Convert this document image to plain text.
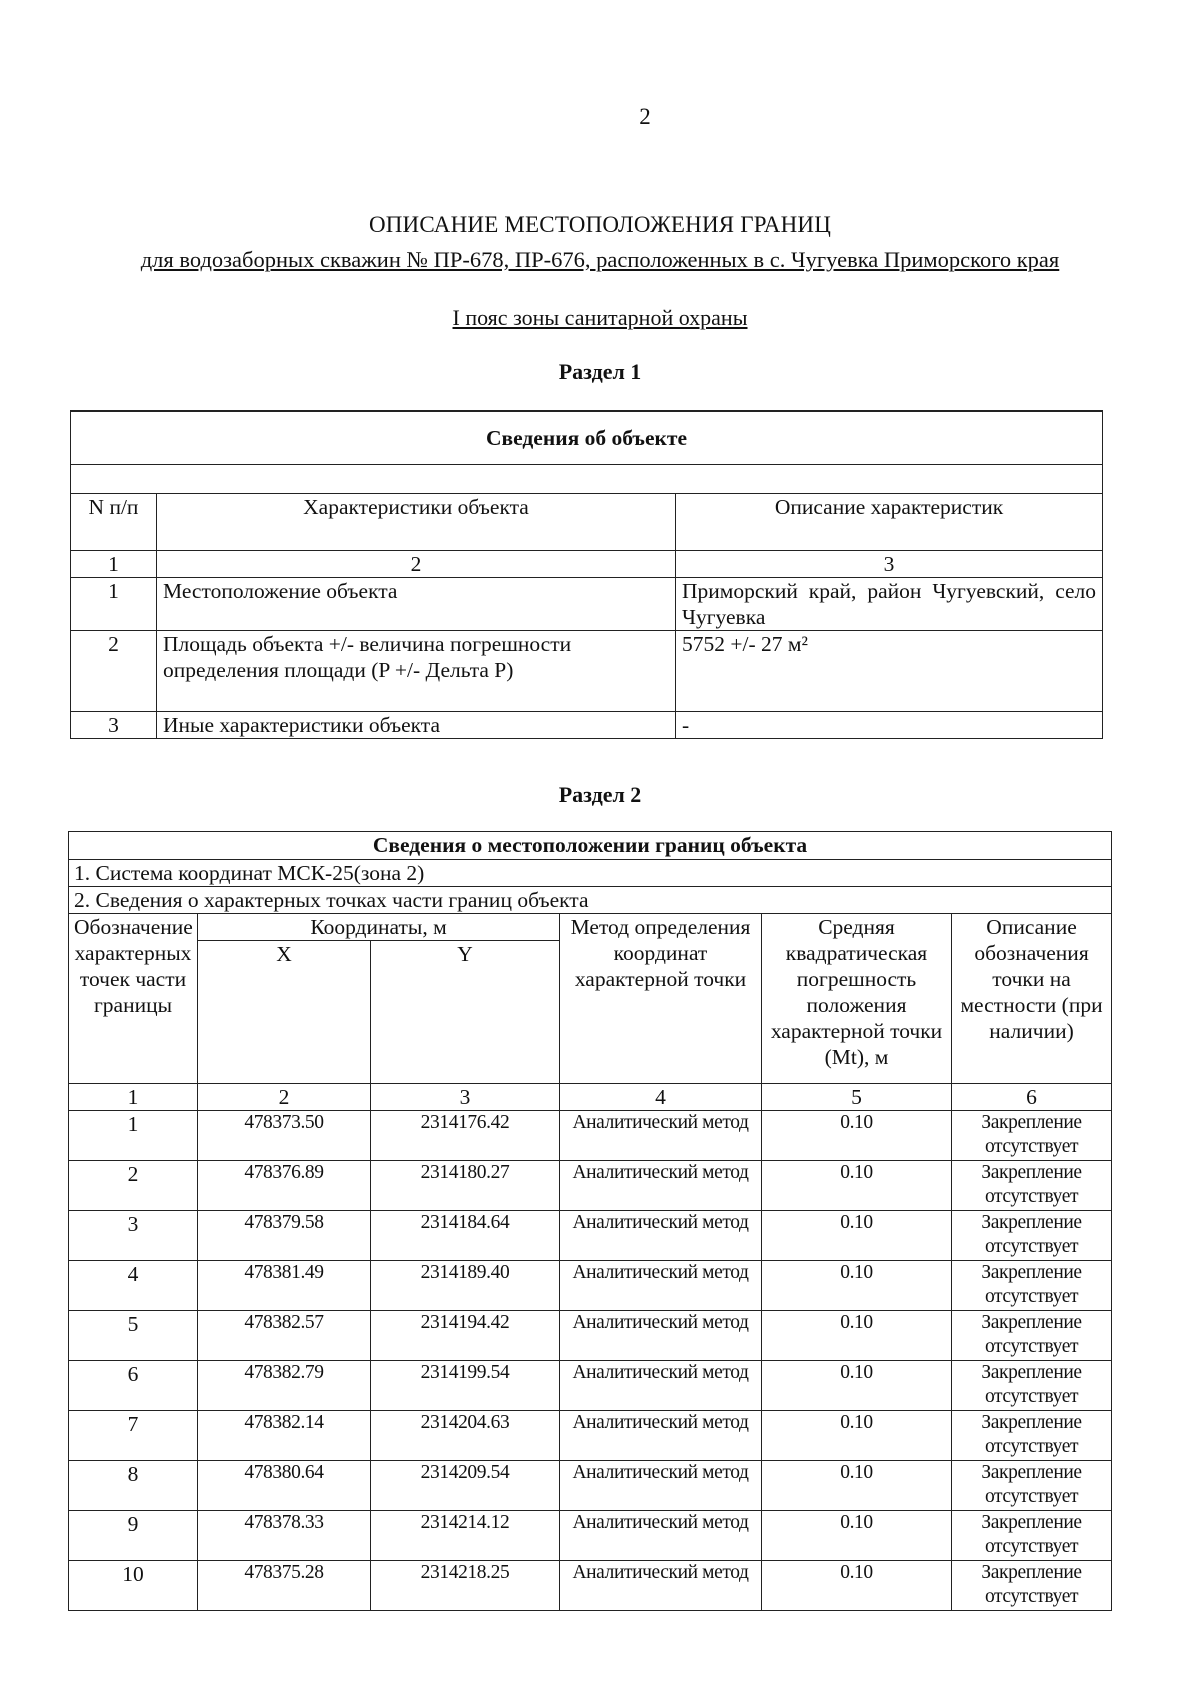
2
ОПИСАНИЕ МЕСТОПОЛОЖЕНИЯ ГРАНИЦ
для водозаборных скважин № ПР-678, ПР-676, расположенных в с. Чугуевка Приморского края
I пояс зоны санитарной охраны
Раздел 1
Сведения об объекте		

N п/п	Характеристики объекта	Описание характеристик
1	2	3
1	Местоположение объекта	Приморский край, район Чугуевский, село Чугуевка
2	Площадь объекта +/- величина погрешности определения площади (P +/- Дельта P)	5752 +/- 27 м²
3	Иные характеристики объекта	-
Раздел 2
Сведения о местоположении границ объекта					
1. Система координат МСК-25(зона 2)					
2. Сведения о характерных точках части границ объекта					
Обозначение характерных точек части границы	Координаты, м		Метод определения координат характерной точки	Средняя квадратическая погрешность положения характерной точки (Mt), м	Описание обозначения точки на местности (при наличии)
	X	Y			
1	2	3	4	5	6
1	478373.50	2314176.42	Аналитический метод	0.10	Закрепление отсутствует
2	478376.89	2314180.27	Аналитический метод	0.10	Закрепление отсутствует
3	478379.58	2314184.64	Аналитический метод	0.10	Закрепление отсутствует
4	478381.49	2314189.40	Аналитический метод	0.10	Закрепление отсутствует
5	478382.57	2314194.42	Аналитический метод	0.10	Закрепление отсутствует
6	478382.79	2314199.54	Аналитический метод	0.10	Закрепление отсутствует
7	478382.14	2314204.63	Аналитический метод	0.10	Закрепление отсутствует
8	478380.64	2314209.54	Аналитический метод	0.10	Закрепление отсутствует
9	478378.33	2314214.12	Аналитический метод	0.10	Закрепление отсутствует
10	478375.28	2314218.25	Аналитический метод	0.10	Закрепление отсутствует
